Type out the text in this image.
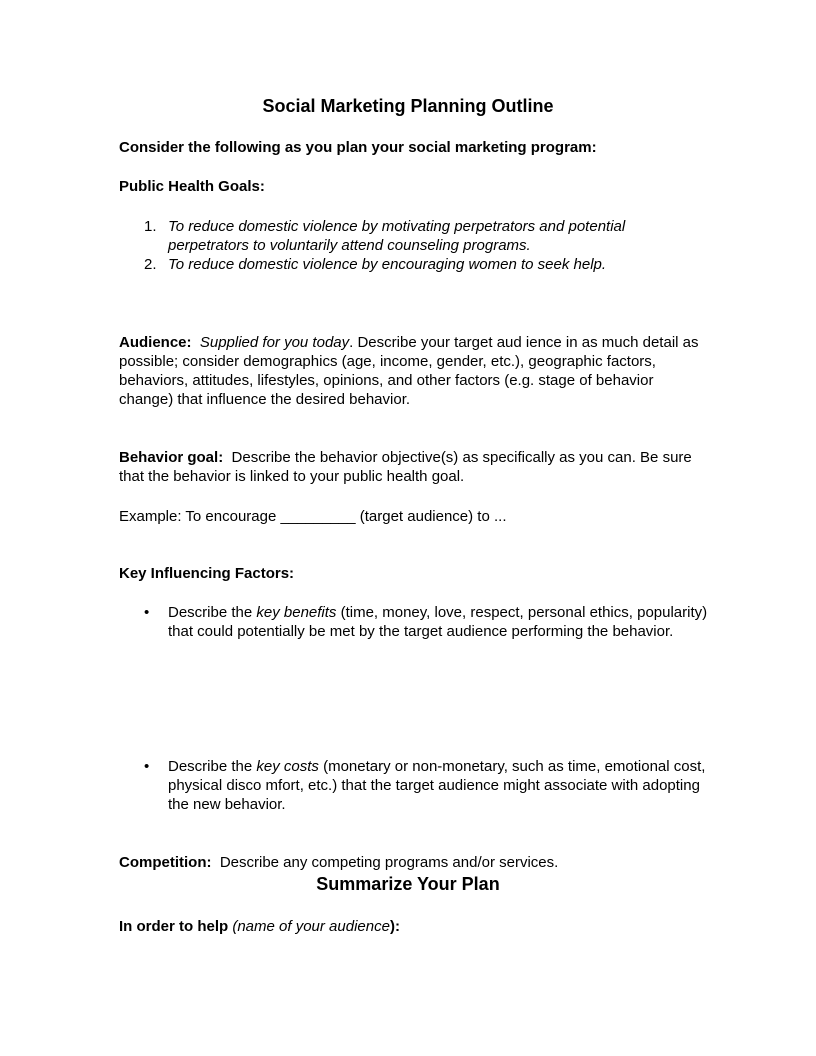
Social Marketing Planning Outline
Consider the following as you plan your social marketing program:
Public Health Goals:
1. To reduce domestic violence by motivating perpetrators and potential perpetrators to voluntarily attend counseling programs.
2. To reduce domestic violence by encouraging women to seek help.
Audience: Supplied for you today. Describe your target aud ience in as much detail as possible; consider demographics (age, income, gender, etc.), geographic factors, behaviors, attitudes, lifestyles, opinions, and other factors (e.g. stage of behavior change) that influence the desired behavior.
Behavior goal: Describe the behavior objective(s) as specifically as you can. Be sure that the behavior is linked to your public health goal.
Example: To encourage _________ (target audience) to ...
Key Influencing Factors:
• Describe the key benefits (time, money, love, respect, personal ethics, popularity) that could potentially be met by the target audience performing the behavior.
• Describe the key costs (monetary or non-monetary, such as time, emotional cost, physical disco mfort, etc.) that the target audience might associate with adopting the new behavior.
Competition: Describe any competing programs and/or services.
Summarize Your Plan
In order to help (name of your audience):
